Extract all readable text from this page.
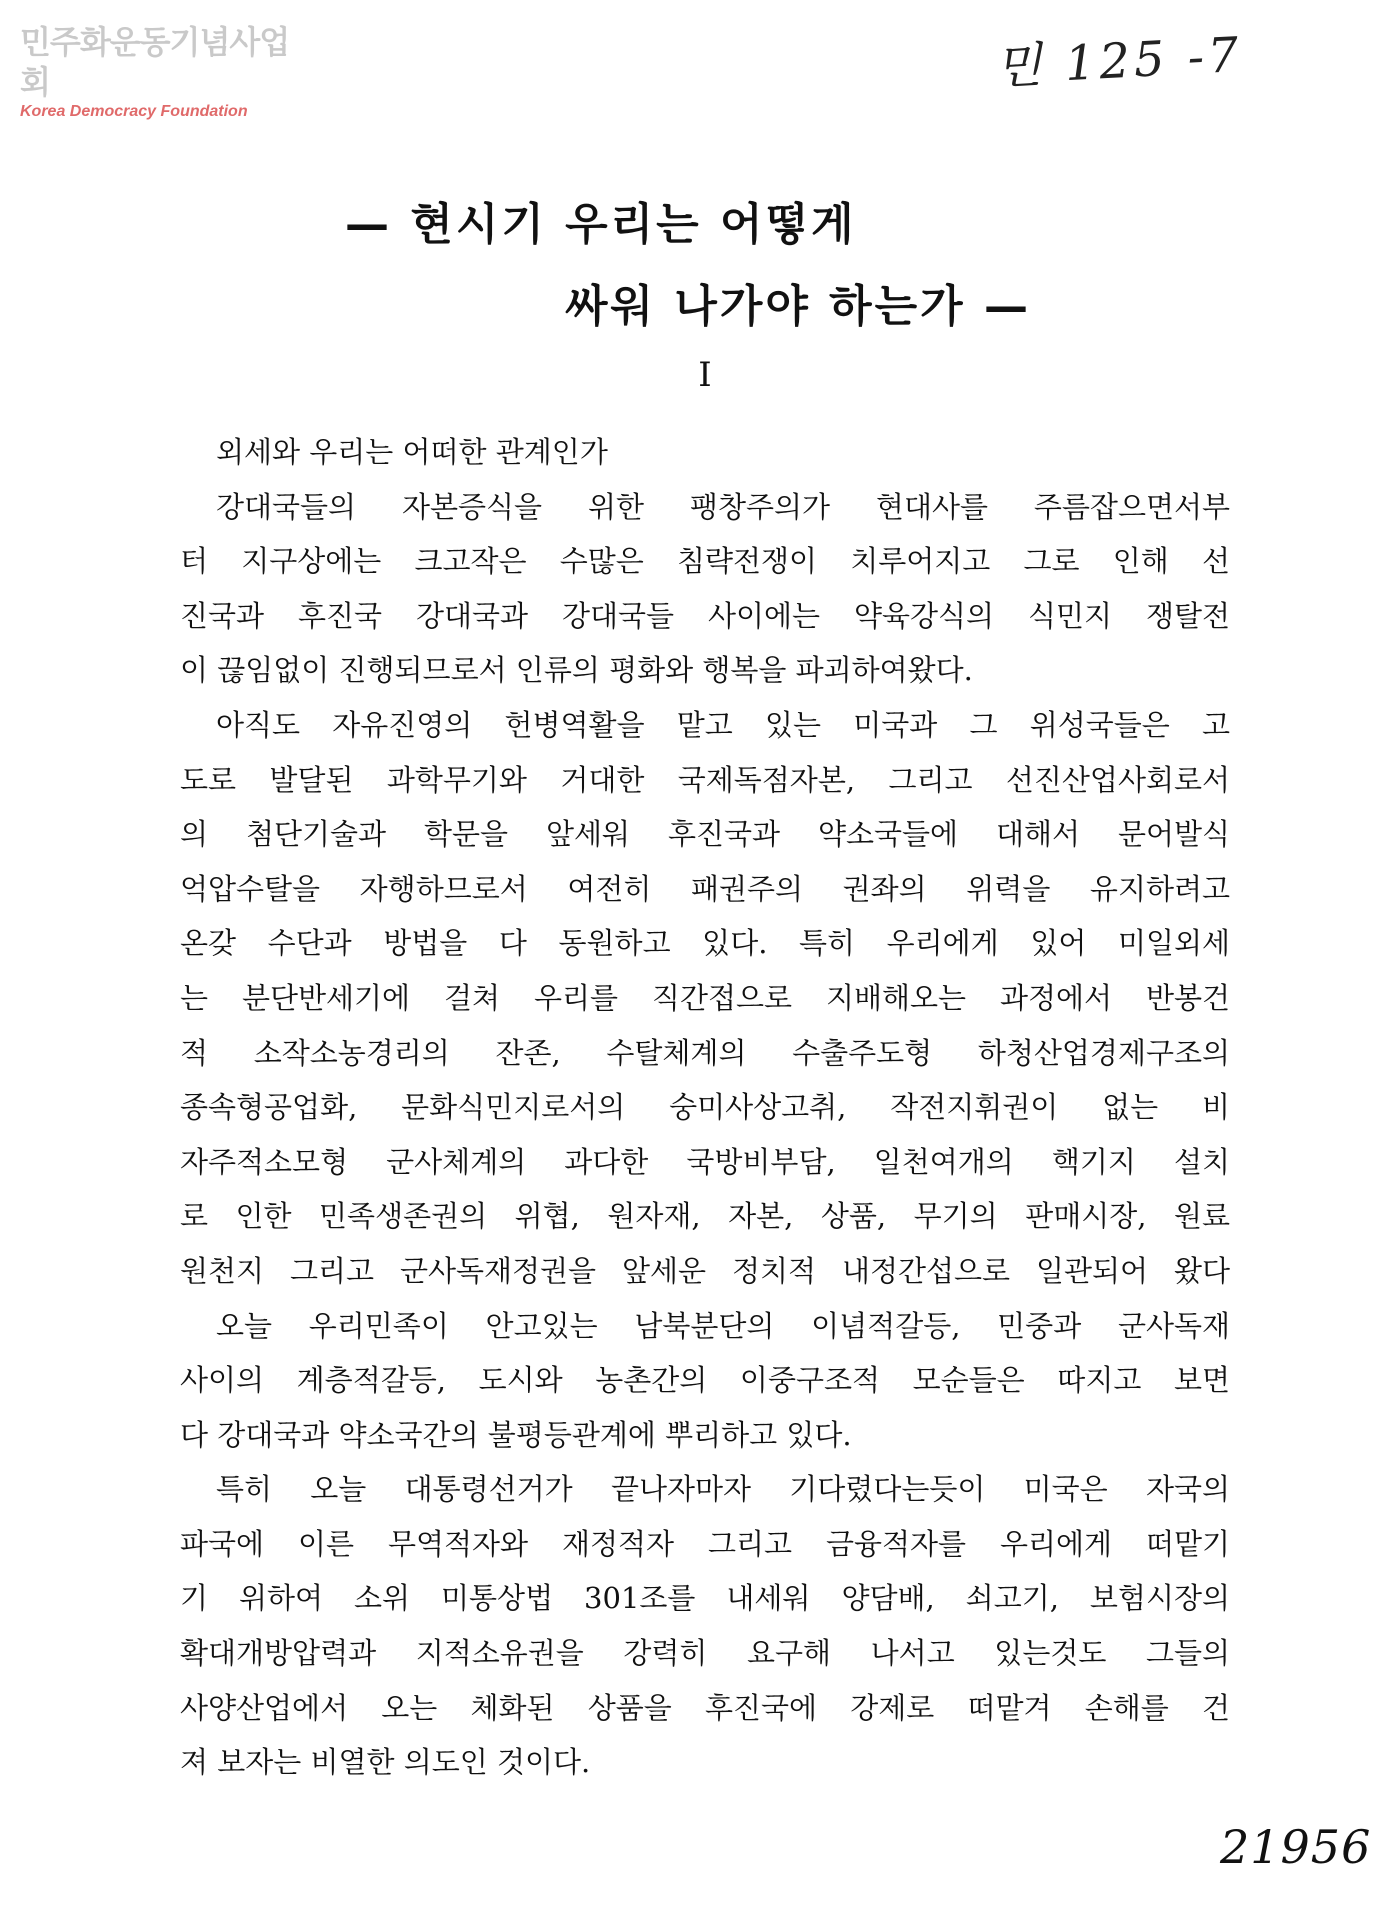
민주화운동기념사업회
Korea Democracy Foundation
민 125 -7
— 현시기 우리는 어떻게
싸워 나가야 하는가 —
I
외세와 우리는 어떠한 관계인가
강대국들의 자본증식을 위한 팽창주의가 현대사를 주름잡으면서부
터 지구상에는 크고작은 수많은 침략전쟁이 치루어지고 그로 인해 선
진국과 후진국 강대국과 강대국들 사이에는 약육강식의 식민지 쟁탈전
이 끊임없이 진행되므로서 인류의 평화와 행복을 파괴하여왔다.
아직도 자유진영의 헌병역활을 맡고 있는 미국과 그 위성국들은 고
도로 발달된 과학무기와 거대한 국제독점자본, 그리고 선진산업사회로서
의 첨단기술과 학문을 앞세워 후진국과 약소국들에 대해서 문어발식
억압수탈을 자행하므로서 여전히 패권주의 권좌의 위력을 유지하려고
온갖 수단과 방법을 다 동원하고 있다. 특히 우리에게 있어 미일외세
는 분단반세기에 걸쳐 우리를 직간접으로 지배해오는 과정에서 반봉건
적 소작소농경리의 잔존, 수탈체계의 수출주도형 하청산업경제구조의
종속형공업화, 문화식민지로서의 숭미사상고취, 작전지휘권이 없는 비
자주적소모형 군사체계의 과다한 국방비부담, 일천여개의 핵기지 설치
로 인한 민족생존권의 위협, 원자재, 자본, 상품, 무기의 판매시장, 원료
원천지 그리고 군사독재정권을 앞세운 정치적 내정간섭으로 일관되어 왔다
오늘 우리민족이 안고있는 남북분단의 이념적갈등, 민중과 군사독재
사이의 계층적갈등, 도시와 농촌간의 이중구조적 모순들은 따지고 보면
다 강대국과 약소국간의 불평등관계에 뿌리하고 있다.
특히 오늘 대통령선거가 끝나자마자 기다렸다는듯이 미국은 자국의
파국에 이른 무역적자와 재정적자 그리고 금융적자를 우리에게 떠맡기
기 위하여 소위 미통상법 301조를 내세워 양담배, 쇠고기, 보험시장의
확대개방압력과 지적소유권을 강력히 요구해 나서고 있는것도 그들의
사양산업에서 오는 체화된 상품을 후진국에 강제로 떠맡겨 손해를 건
져 보자는 비열한 의도인 것이다.
21956
